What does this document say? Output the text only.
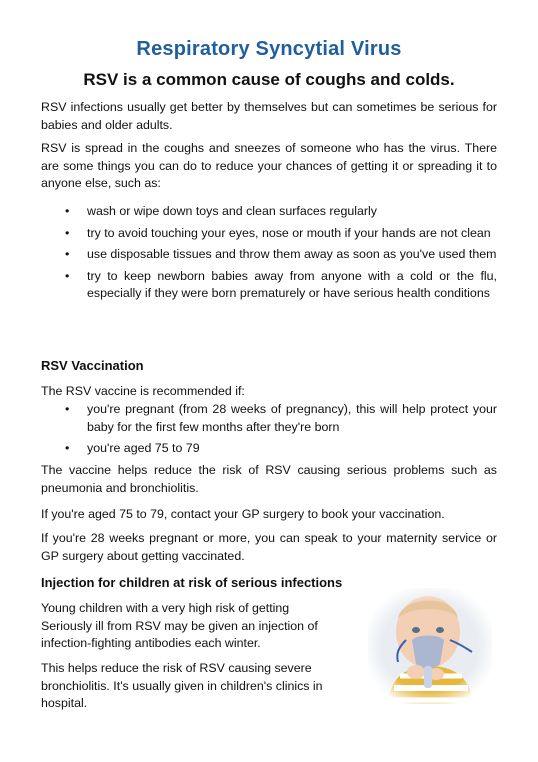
Respiratory Syncytial Virus
RSV is a common cause of coughs and colds.
RSV infections usually get better by themselves but can sometimes be serious for babies and older adults.
RSV is spread in the coughs and sneezes of someone who has the virus. There are some things you can do to reduce your chances of getting it or spreading it to anyone else, such as:
• wash or wipe down toys and clean surfaces regularly
• try to avoid touching your eyes, nose or mouth if your hands are not clean
• use disposable tissues and throw them away as soon as you've used them
• try to keep newborn babies away from anyone with a cold or the flu, especially if they were born prematurely or have serious health conditions
RSV Vaccination
The RSV vaccine is recommended if:
• you're pregnant (from 28 weeks of pregnancy), this will help protect your baby for the first few months after they're born
• you're aged 75 to 79
The vaccine helps reduce the risk of RSV causing serious problems such as pneumonia and bronchiolitis.
If you're aged 75 to 79, contact your GP surgery to book your vaccination.
If you're 28 weeks pregnant or more, you can speak to your maternity service or GP surgery about getting vaccinated.
Injection for children at risk of serious infections
Young children with a very high risk of getting
Seriously ill from RSV may be given an injection of
infection-fighting antibodies each winter.
This helps reduce the risk of RSV causing severe
bronchiolitis. It's usually given in children's clinics in
hospital.
